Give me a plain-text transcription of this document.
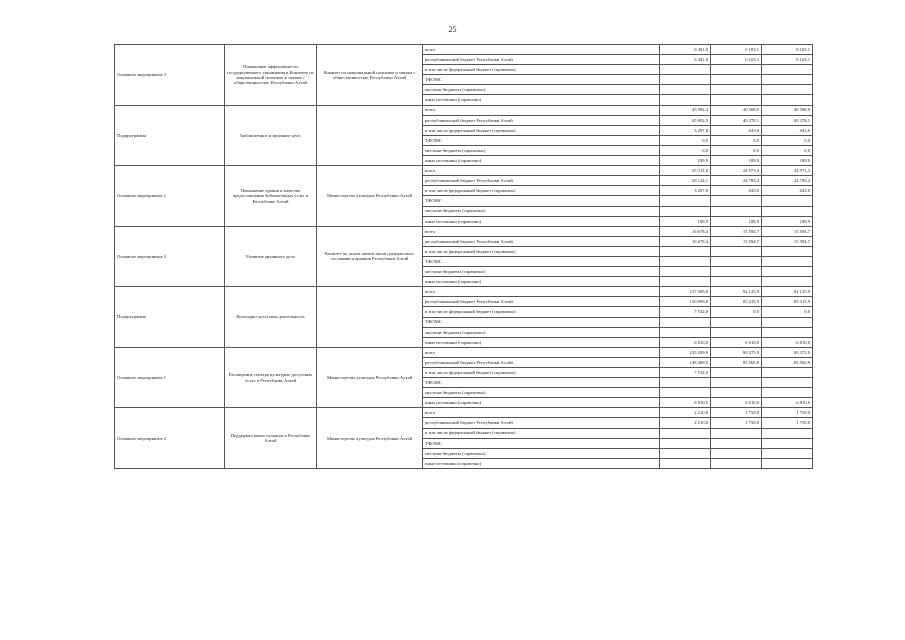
25
Основное мероприятие 3	Повышение эффективности государственного управления в Комитете по национальной политике и связям с общественностью Республики Алтай	Комитет по национальной политике и связям с общественностью Республики Алтай	всего	6 491,8	6 103,1	6 103,1
			республиканский бюджет Республики Алтай	6 491,8	6 103,1	6 103,1
			в том числе федеральный бюджет (справочно)			
			ТФОМС			
			местные бюджеты (справочно)			
			иные источники (справочно)			
Подпрограмма	Библиотечное и архивное дело		всего	45 982,4	40 568,0	40 568,0
			республиканский бюджет Республики Алтай	45 802,5	40 378,1	40 378,1
			в том числе федеральный бюджет (справочно)	3 297,8	643,0	643,0
			ТФОМС	0,0	0,0	0,0
			местные бюджеты (справочно)	0,0	0,0	0,0
			иные источники (справочно)	189,9	189,9	189,9
Основное мероприятие 1	Повышение уровня и качества предоставления библиотечных услуг в Республике Алтай	Министерство культуры Республики Алтай	всего	29 314,0	24 973,3	24 973,3
			республиканский бюджет Республики Алтай	29 124,1	24 783,4	24 783,4
			в том числе федеральный бюджет (справочно)	3 297,8	643,0	643,0
			ТФОМС			
			местные бюджеты (справочно)			
			иные источники (справочно)	189,9	189,9	189,9
Основное мероприятие 2	Развитие архивного дела	Комитет по делам записи актов гражданского состояния и архивов Республики Алтай	всего	16 678,4	15 594,7	15 594,7
			республиканский бюджет Республики Алтай	16 678,4	15 594,7	15 594,7
			в том числе федеральный бюджет (справочно)			
			ТФОМС			
			местные бюджеты (справочно)			
			иные источники (справочно)			
Подпрограмма	Культурно-досуговая деятельность		всего	157 509,8	92 125,9	92 125,9
			республиканский бюджет Республики Алтай	150 699,8	85 315,9	85 315,9
			в том числе федеральный бюджет (справочно)	7 532,0	0,0	0,0
			ТФОМС			
			местные бюджеты (справочно)			
			иные источники (справочно)	6 810,0	6 810,0	6 810,0
Основное мероприятие 1	Расширение спектра культурно-досуговых услуг в Республике Алтай	Министерство культуры Республики Алтай	всего	155 299,0	90 375,9	90 375,9
			республиканский бюджет Республики Алтай	148 489,0	83 565,9	83 565,9
			в том числе федеральный бюджет (справочно)	7 532,0		
			ТФОМС			
			местные бюджеты (справочно)			
			иные источники (справочно)	6 810,0	6 810,0	6 810,0
Основное мероприятие 2	Поддержка юных талантов в Республике Алтай	Министерство культуры Республики Алтай	всего	2 210,8	1 750,0	1 750,0
			республиканский бюджет Республики Алтай	2 210,8	1 750,0	1 750,0
			в том числе федеральный бюджет (справочно)			
			ТФОМС			
			местные бюджеты (справочно)			
			иные источники (справочно)			
